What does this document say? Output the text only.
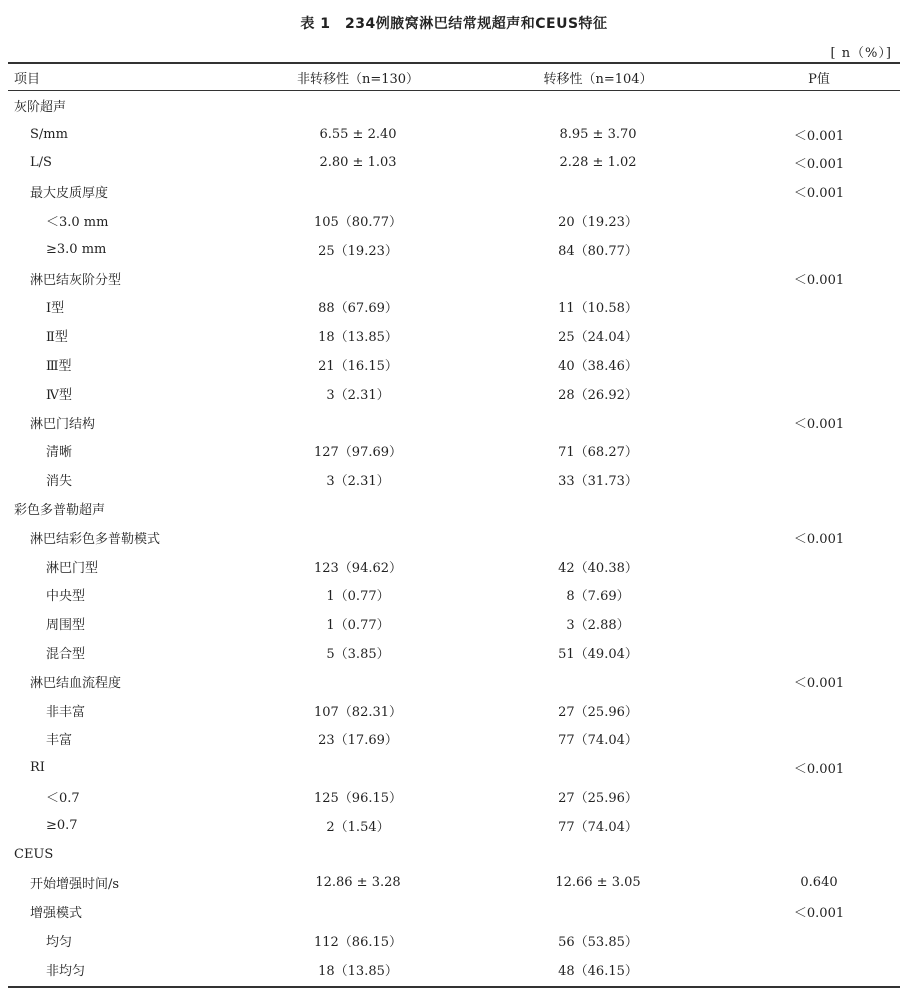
表 1　234例腋窝淋巴结常规超声和CEUS特征
[ n（%）]
项目	非转移性（n=130）	转移性（n=104）	P值
灰阶超声			
S/mm	6.55 ± 2.40	8.95 ± 3.70	＜0.001
L/S	2.80 ± 1.03	2.28 ± 1.02	＜0.001
最大皮质厚度			＜0.001
＜3.0 mm	105（80.77）	20（19.23）	
≥3.0 mm	25（19.23）	84（80.77）	
淋巴结灰阶分型			＜0.001
Ⅰ型	88（67.69）	11（10.58）	
Ⅱ型	18（13.85）	25（24.04）	
Ⅲ型	21（16.15）	40（38.46）	
Ⅳ型	3（2.31）	28（26.92）	
淋巴门结构			＜0.001
清晰	127（97.69）	71（68.27）	
消失	3（2.31）	33（31.73）	
彩色多普勒超声			
淋巴结彩色多普勒模式			＜0.001
淋巴门型	123（94.62）	42（40.38）	
中央型	1（0.77）	8（7.69）	
周围型	1（0.77）	3（2.88）	
混合型	5（3.85）	51（49.04）	
淋巴结血流程度			＜0.001
非丰富	107（82.31）	27（25.96）	
丰富	23（17.69）	77（74.04）	
RI			＜0.001
＜0.7	125（96.15）	27（25.96）	
≥0.7	2（1.54）	77（74.04）	
CEUS			
开始增强时间/s	12.86 ± 3.28	12.66 ± 3.05	0.640
增强模式			＜0.001
均匀	112（86.15）	56（53.85）	
非均匀	18（13.85）	48（46.15）	
